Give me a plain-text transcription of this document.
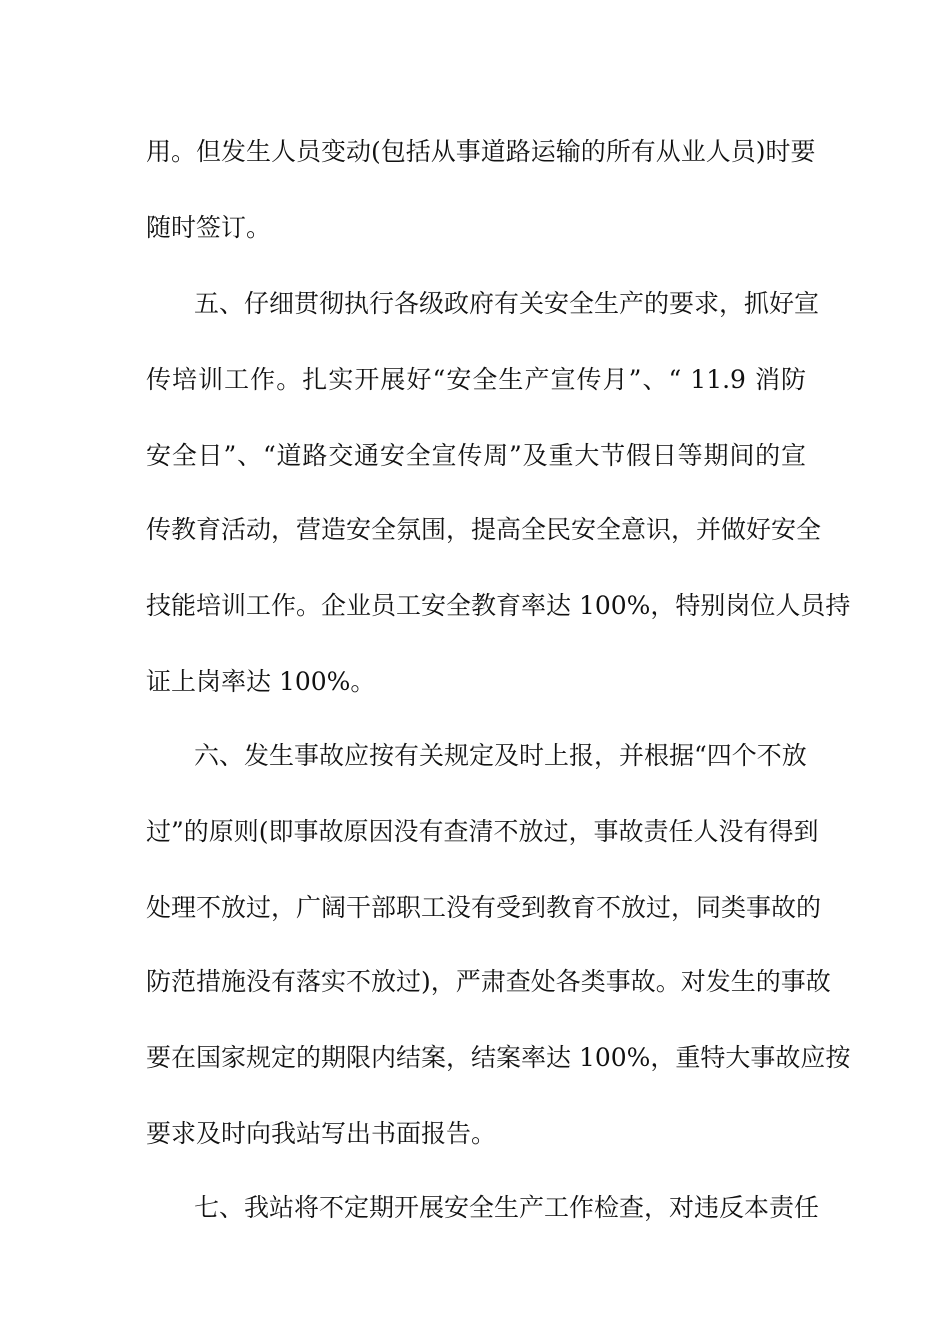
用。但发生人员变动(包括从事道路运输的所有从业人员)时要
随时签订。
五、仔细贯彻执行各级政府有关安全生产的要求，抓好宣
传培训工作。扎实开展好“安全生产宣传月”、“ 11.9 消防
安全日”、“道路交通安全宣传周”及重大节假日等期间的宣
传教育活动，营造安全氛围，提高全民安全意识，并做好安全
技能培训工作。企业员工安全教育率达 100%，特别岗位人员持
证上岗率达 100%。
六、发生事故应按有关规定及时上报，并根据“四个不放
过”的原则(即事故原因没有查清不放过，事故责任人没有得到
处理不放过，广阔干部职工没有受到教育不放过，同类事故的
防范措施没有落实不放过)，严肃查处各类事故。对发生的事故
要在国家规定的期限内结案，结案率达 100%，重特大事故应按
要求及时向我站写出书面报告。
七、我站将不定期开展安全生产工作检查，对违反本责任
